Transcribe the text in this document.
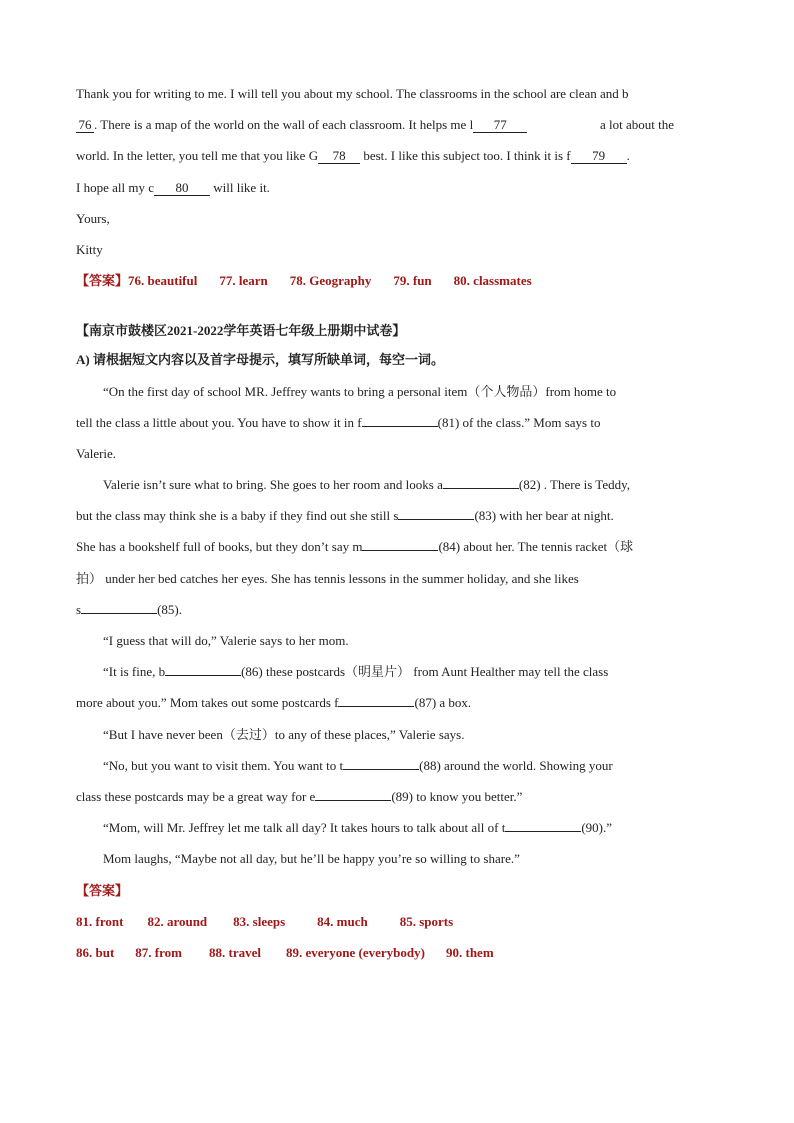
Thank you for writing to me. I will tell you about my school. The classrooms in the school are clean and b
76 . There is a map of the world on the wall of each classroom. It helps me l 77	a lot about the
world. In the letter, you tell me that you like G 78 best. I like this subject too. I think it is f 79 .
I hope all my c 80 will like it.
Yours,
Kitty
【答案】76. beautiful 77. learn 78. Geography 79. fun 80. classmates
【南京市鼓楼区2021-2022学年英语七年级上册期中试卷】
A) 请根据短文内容以及首字母提示，填写所缺单词，每空一词。
“On the first day of school MR. Jeffrey wants to bring a personal item（个人物品）from home to
tell the class a little about you. You have to show it in f	(81) of the class.” Mom says to
Valerie.
Valerie isn’t sure what to bring. She goes to her room and looks a	(82) . There is Teddy,
but the class may think she is a baby if they find out she still s	(83) with her bear at night.
She has a bookshelf full of books, but they don’t say m	(84) about her. The tennis racket（球
拍） under her bed catches her eyes. She has tennis lessons in the summer holiday, and she likes
s	(85).
“I guess that will do,” Valerie says to her mom.
“It is fine, b	(86) these postcards（明星片） from Aunt Healther may tell the class
more about you.” Mom takes out some postcards f	(87) a box.
“But I have never been（去过）to any of these places,” Valerie says.
“No, but you want to visit them. You want to t	(88) around the world. Showing your
class these postcards may be a great way for e	(89) to know you better.”
“Mom, will Mr. Jeffrey let me talk all day? It takes hours to talk about all of t	(90).”
Mom laughs, “Maybe not all day, but he’ll be happy you’re so willing to share.”
【答案】
81. front 82. around 83. sleeps 84. much 85. sports
86. but 87. from 88. travel 89. everyone (everybody) 90. them
